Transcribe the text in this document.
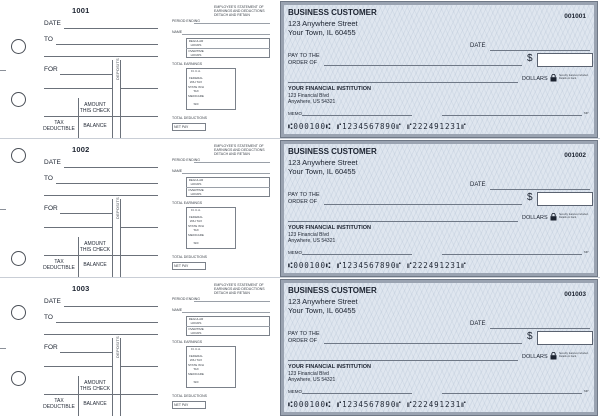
1001
DATE
TO
FOR	DEPOSITS
AMOUNT
THIS CHECK
TAX
DEDUCTIBLE	BALANCE
EMPLOYEE'S STATEMENT OF EARNINGS AND DEDUCTIONS DETACH AND RETAIN
PERIOD ENDING
NAME
REGULAR HOURS
OVERTIME HOURS
TOTAL EARNINGS
F.I.C.A.
FEDERAL W/H TAX
STATE W/H TAX
MEDICARE
SDI
TOTAL DEDUCTIONS
NET PAY
BUSINESS CUSTOMER
123 Anywhere Street
Your Town, IL 60455
001001
DATE
PAY TO THE
ORDER OF	$
DOLLARS
Security features included. Details on back.
YOUR FINANCIAL INSTITUTION
123 Financial Blvd
Anywhere, US 54321
MEMO	MP
⑆000100⑆ ⑈1234567890⑈ ⑈222491231⑈
1002
DATE
TO
FOR	DEPOSITS
AMOUNT
THIS CHECK
TAX
DEDUCTIBLE	BALANCE
EMPLOYEE'S STATEMENT OF EARNINGS AND DEDUCTIONS DETACH AND RETAIN
PERIOD ENDING
NAME
REGULAR HOURS
OVERTIME HOURS
TOTAL EARNINGS
F.I.C.A.
FEDERAL W/H TAX
STATE W/H TAX
MEDICARE
SDI
TOTAL DEDUCTIONS
NET PAY
BUSINESS CUSTOMER
123 Anywhere Street
Your Town, IL 60455
001002
DATE
PAY TO THE
ORDER OF	$
DOLLARS
Security features included. Details on back.
YOUR FINANCIAL INSTITUTION
123 Financial Blvd
Anywhere, US 54321
MEMO	MP
⑆000100⑆ ⑈1234567890⑈ ⑈222491231⑈
1003
DATE
TO
FOR	DEPOSITS
AMOUNT
THIS CHECK
TAX
DEDUCTIBLE	BALANCE
EMPLOYEE'S STATEMENT OF EARNINGS AND DEDUCTIONS DETACH AND RETAIN
PERIOD ENDING
NAME
REGULAR HOURS
OVERTIME HOURS
TOTAL EARNINGS
F.I.C.A.
FEDERAL W/H TAX
STATE W/H TAX
MEDICARE
SDI
TOTAL DEDUCTIONS
NET PAY
BUSINESS CUSTOMER
123 Anywhere Street
Your Town, IL 60455
001003
DATE
PAY TO THE
ORDER OF	$
DOLLARS
Security features included. Details on back.
YOUR FINANCIAL INSTITUTION
123 Financial Blvd
Anywhere, US 54321
MEMO	MP
⑆000100⑆ ⑈1234567890⑈ ⑈222491231⑈
